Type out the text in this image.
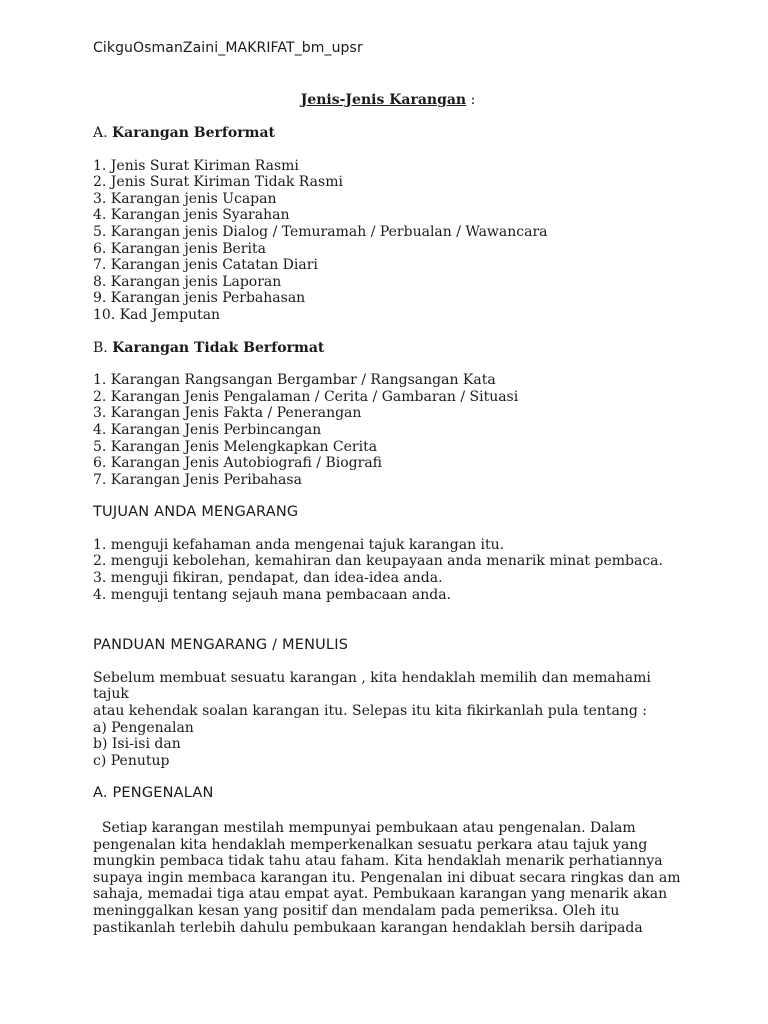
CikguOsmanZaini_MAKRIFAT_bm_upsr
Jenis-Jenis Karangan :
A. Karangan Berformat
1. Jenis Surat Kiriman Rasmi
2. Jenis Surat Kiriman Tidak Rasmi
3. Karangan jenis Ucapan
4. Karangan jenis Syarahan
5. Karangan jenis Dialog / Temuramah / Perbualan / Wawancara
6. Karangan jenis Berita
7. Karangan jenis Catatan Diari
8. Karangan jenis Laporan
9. Karangan jenis Perbahasan
10. Kad Jemputan
B. Karangan Tidak Berformat
1. Karangan Rangsangan Bergambar / Rangsangan Kata
2. Karangan Jenis Pengalaman / Cerita / Gambaran / Situasi
3. Karangan Jenis Fakta / Penerangan
4. Karangan Jenis Perbincangan
5. Karangan Jenis Melengkapkan Cerita
6. Karangan Jenis Autobiografi / Biografi
7. Karangan Jenis Peribahasa
TUJUAN ANDA MENGARANG
1. menguji kefahaman anda mengenai tajuk karangan itu.
2. menguji kebolehan, kemahiran dan keupayaan anda menarik minat pembaca.
3. menguji fikiran, pendapat, dan idea-idea anda.
4. menguji tentang sejauh mana pembacaan anda.
PANDUAN MENGARANG / MENULIS
Sebelum membuat sesuatu karangan , kita hendaklah memilih dan memahami tajuk
atau kehendak soalan karangan itu. Selepas itu kita fikirkanlah pula tentang :
a) Pengenalan
b) Isi-isi dan
c) Penutup
A. PENGENALAN
Setiap karangan mestilah mempunyai pembukaan atau pengenalan. Dalam
pengenalan kita hendaklah memperkenalkan sesuatu perkara atau tajuk yang
mungkin pembaca tidak tahu atau faham. Kita hendaklah menarik perhatiannya
supaya ingin membaca karangan itu. Pengenalan ini dibuat secara ringkas dan am
sahaja, memadai tiga atau empat ayat. Pembukaan karangan yang menarik akan
meninggalkan kesan yang positif dan mendalam pada pemeriksa. Oleh itu
pastikanlah terlebih dahulu pembukaan karangan hendaklah bersih daripada
